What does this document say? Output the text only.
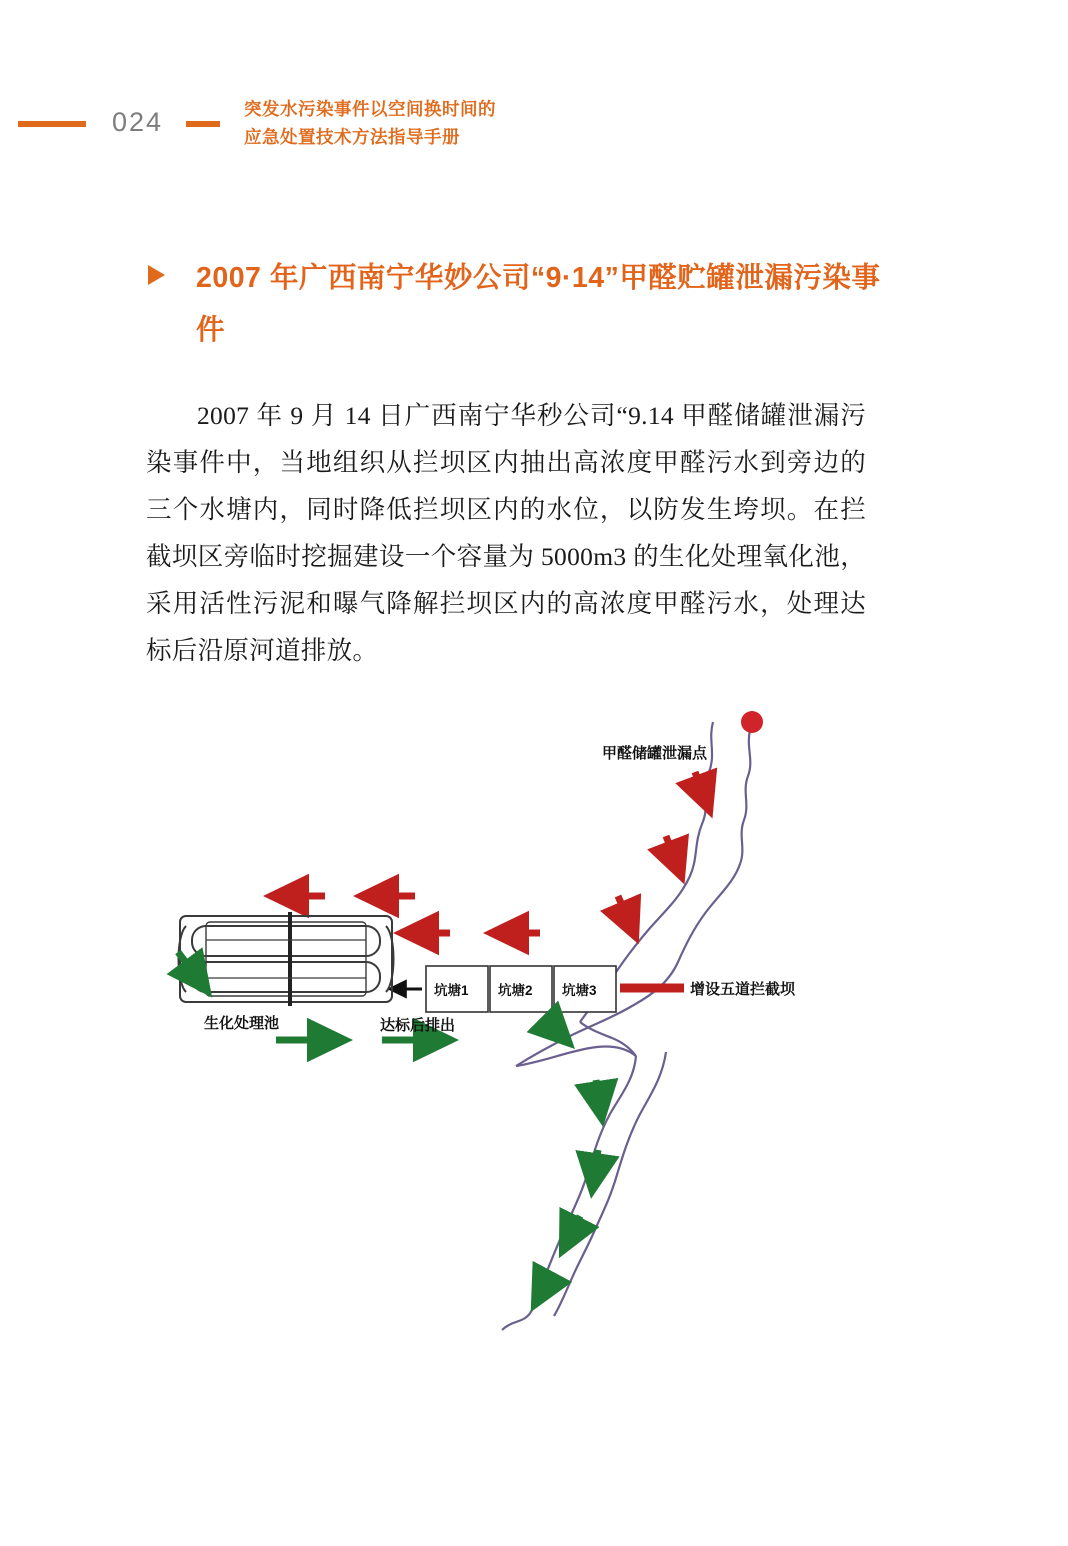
024	突发水污染事件以空间换时间的
应急处置技术方法指导手册
2007 年广西南宁华妙公司“9·14”甲醛贮罐泄漏污染事件

2007 年 9 月 14 日广西南宁华秒公司“9.14 甲醛储罐泄漏污染事件中，当地组织从拦坝区内抽出高浓度甲醛污水到旁边的三个水塘内，同时降低拦坝区内的水位，以防发生垮坝。在拦截坝区旁临时挖掘建设一个容量为 5000m3 的生化处理氧化池，采用活性污泥和曝气降解拦坝区内的高浓度甲醛污水，处理达标后沿原河道排放。

甲醛储罐泄漏点
增设五道拦截坝
坑塘1 坑塘2 坑塘3
生化处理池	达标后排出
